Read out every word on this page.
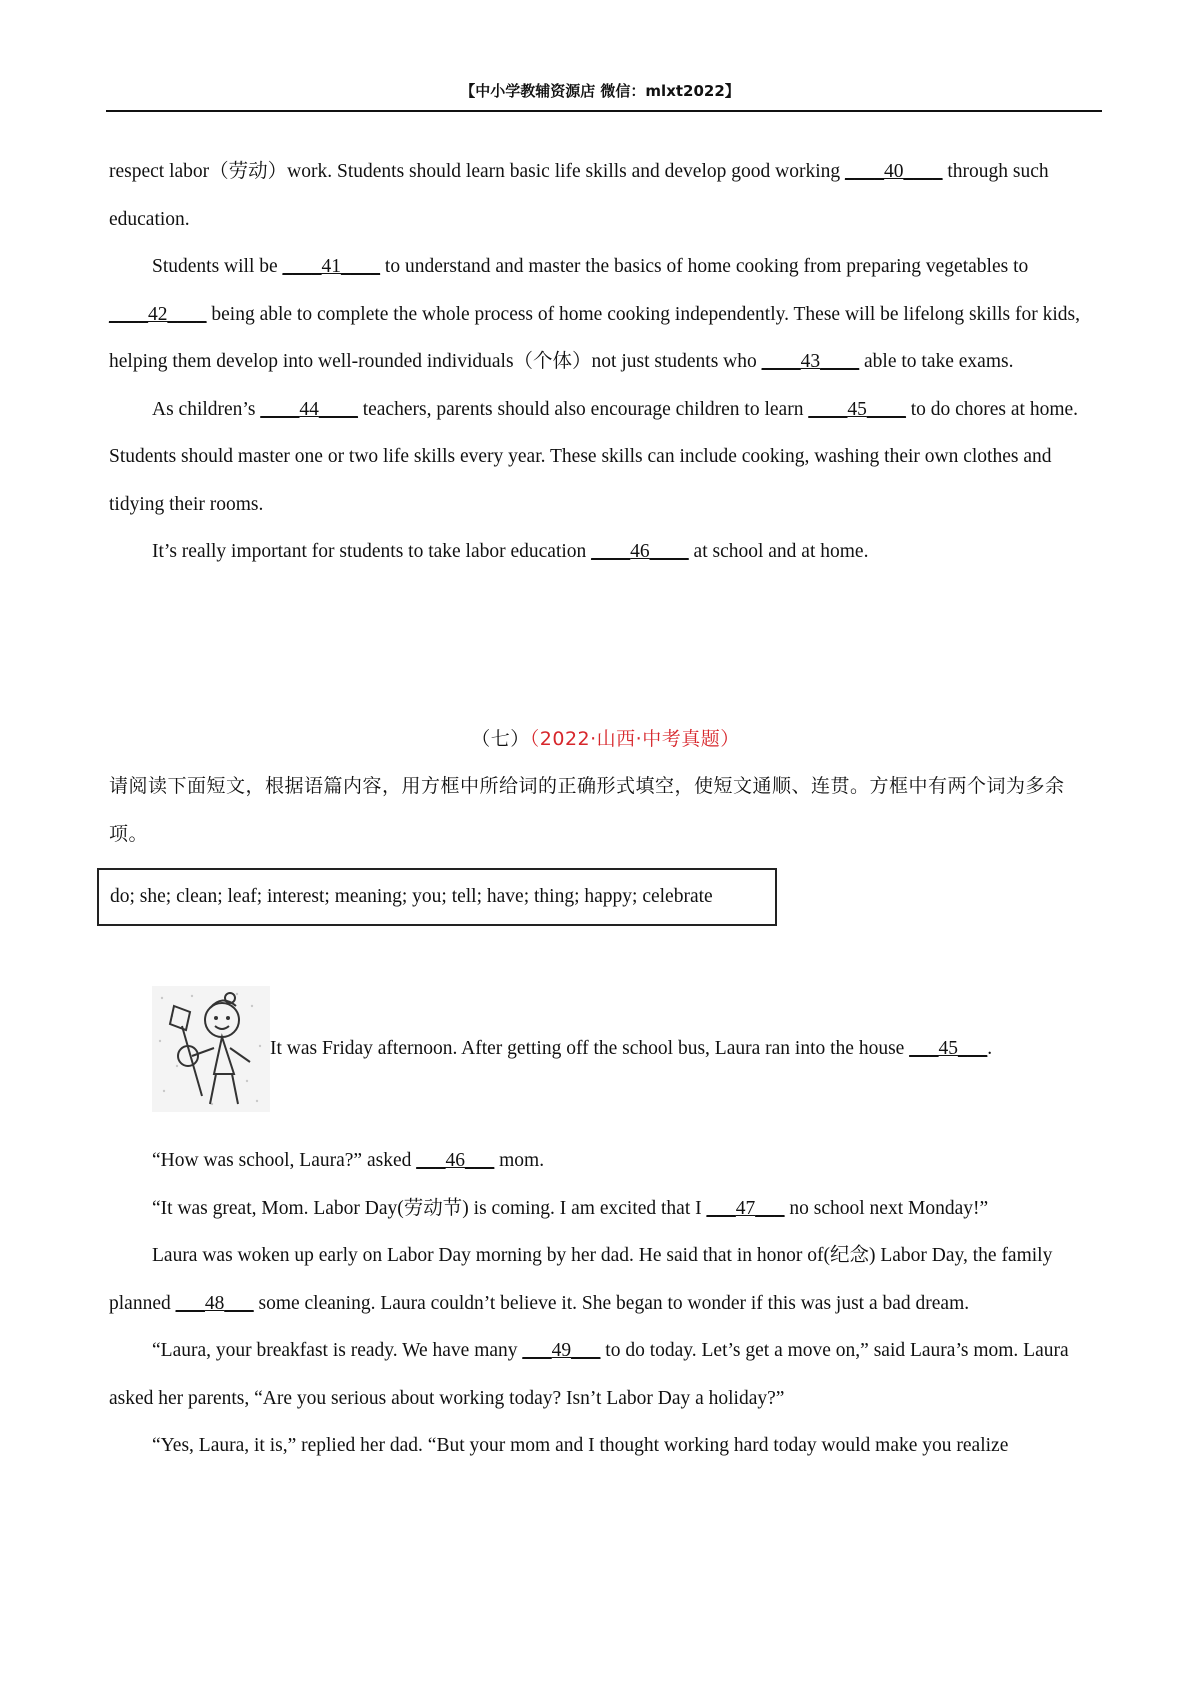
【中小学教辅资源店 微信：mlxt2022】

respect labor（劳动）work. Students should learn basic life skills and develop good working ____40____ through such education.

Students will be ____41____ to understand and master the basics of home cooking from preparing vegetables to ____42____ being able to complete the whole process of home cooking independently. These will be lifelong skills for kids, helping them develop into well-rounded individuals（个体）not just students who ____43____ able to take exams.

As children’s ____44____ teachers, parents should also encourage children to learn ____45____ to do chores at home. Students should master one or two life skills every year. These skills can include cooking, washing their own clothes and tidying their rooms.

It’s really important for students to take labor education ____46____ at school and at home.

（七）（2022·山西·中考真题）

请阅读下面短文，根据语篇内容，用方框中所给词的正确形式填空，使短文通顺、连贯。方框中有两个词为多余项。

do; she; clean; leaf; interest; meaning; you; tell; have; thing; happy; celebrate

It was Friday afternoon. After getting off the school bus, Laura ran into the house ___45___.

“How was school, Laura?” asked ___46___ mom.

“It was great, Mom. Labor Day(劳动节) is coming. I am excited that I ___47___ no school next Monday!”

Laura was woken up early on Labor Day morning by her dad. He said that in honor of(纪念) Labor Day, the family planned ___48___ some cleaning. Laura couldn’t believe it. She began to wonder if this was just a bad dream.

“Laura, your breakfast is ready. We have many ___49___ to do today. Let’s get a move on,” said Laura’s mom. Laura asked her parents, “Are you serious about working today? Isn’t Labor Day a holiday?”

“Yes, Laura, it is,” replied her dad. “But your mom and I thought working hard today would make you realize
